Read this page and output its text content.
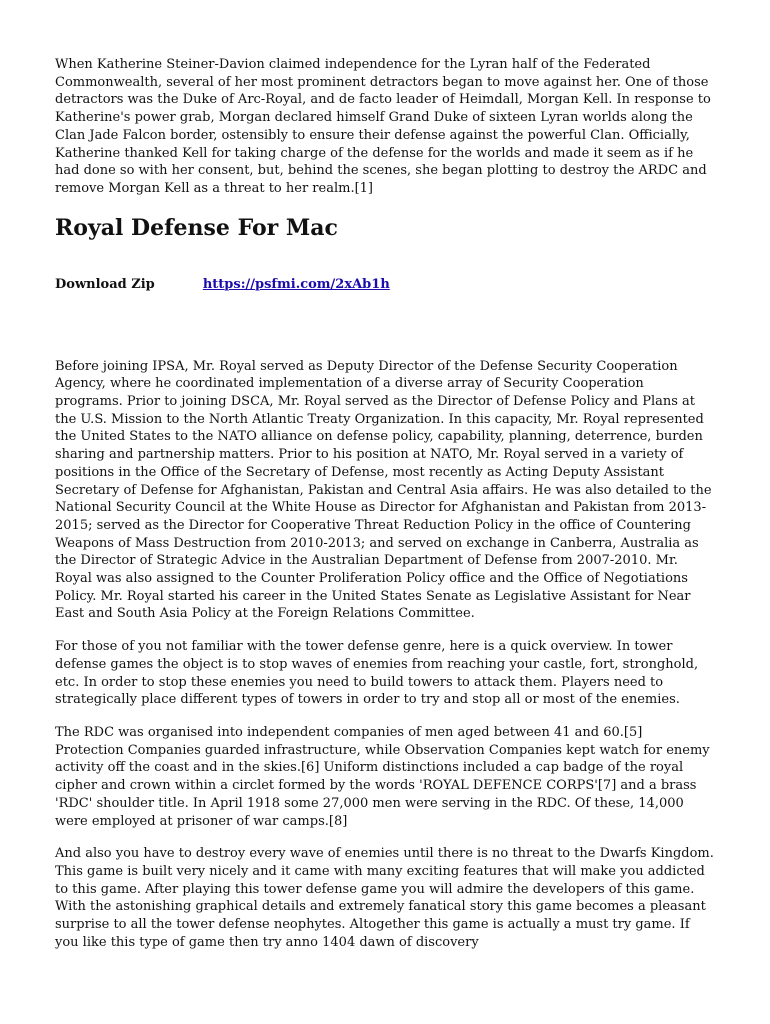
When Katherine Steiner-Davion claimed independence for the Lyran half of the Federated Commonwealth, several of her most prominent detractors began to move against her. One of those detractors was the Duke of Arc-Royal, and de facto leader of Heimdall, Morgan Kell. In response to Katherine's power grab, Morgan declared himself Grand Duke of sixteen Lyran worlds along the Clan Jade Falcon border, ostensibly to ensure their defense against the powerful Clan. Officially, Katherine thanked Kell for taking charge of the defense for the worlds and made it seem as if he had done so with her consent, but, behind the scenes, she began plotting to destroy the ARDC and remove Morgan Kell as a threat to her realm.[1]

Royal Defense For Mac
Download Zip    	https://psfmi.com/2xAb1h

Before joining IPSA, Mr. Royal served as Deputy Director of the Defense Security Cooperation Agency, where he coordinated implementation of a diverse array of Security Cooperation programs. Prior to joining DSCA, Mr. Royal served as the Director of Defense Policy and Plans at the U.S. Mission to the North Atlantic Treaty Organization. In this capacity, Mr. Royal represented the United States to the NATO alliance on defense policy, capability, planning, deterrence, burden sharing and partnership matters. Prior to his position at NATO, Mr. Royal served in a variety of positions in the Office of the Secretary of Defense, most recently as Acting Deputy Assistant Secretary of Defense for Afghanistan, Pakistan and Central Asia affairs. He was also detailed to the National Security Council at the White House as Director for Afghanistan and Pakistan from 2013-2015; served as the Director for Cooperative Threat Reduction Policy in the office of Countering Weapons of Mass Destruction from 2010-2013; and served on exchange in Canberra, Australia as the Director of Strategic Advice in the Australian Department of Defense from 2007-2010. Mr. Royal was also assigned to the Counter Proliferation Policy office and the Office of Negotiations Policy. Mr. Royal started his career in the United States Senate as Legislative Assistant for Near East and South Asia Policy at the Foreign Relations Committee.

For those of you not familiar with the tower defense genre, here is a quick overview. In tower defense games the object is to stop waves of enemies from reaching your castle, fort, stronghold, etc. In order to stop these enemies you need to build towers to attack them. Players need to strategically place different types of towers in order to try and stop all or most of the enemies.

The RDC was organised into independent companies of men aged between 41 and 60.[5] Protection Companies guarded infrastructure, while Observation Companies kept watch for enemy activity off the coast and in the skies.[6] Uniform distinctions included a cap badge of the royal cipher and crown within a circlet formed by the words 'ROYAL DEFENCE CORPS'[7] and a brass 'RDC' shoulder title. In April 1918 some 27,000 men were serving in the RDC. Of these, 14,000 were employed at prisoner of war camps.[8]

And also you have to destroy every wave of enemies until there is no threat to the Dwarfs Kingdom. This game is built very nicely and it came with many exciting features that will make you addicted to this game. After playing this tower defense game you will admire the developers of this game. With the astonishing graphical details and extremely fanatical story this game becomes a pleasant surprise to all the tower defense neophytes. Altogether this game is actually a must try game. If you like this type of game then try anno 1404 dawn of discovery
